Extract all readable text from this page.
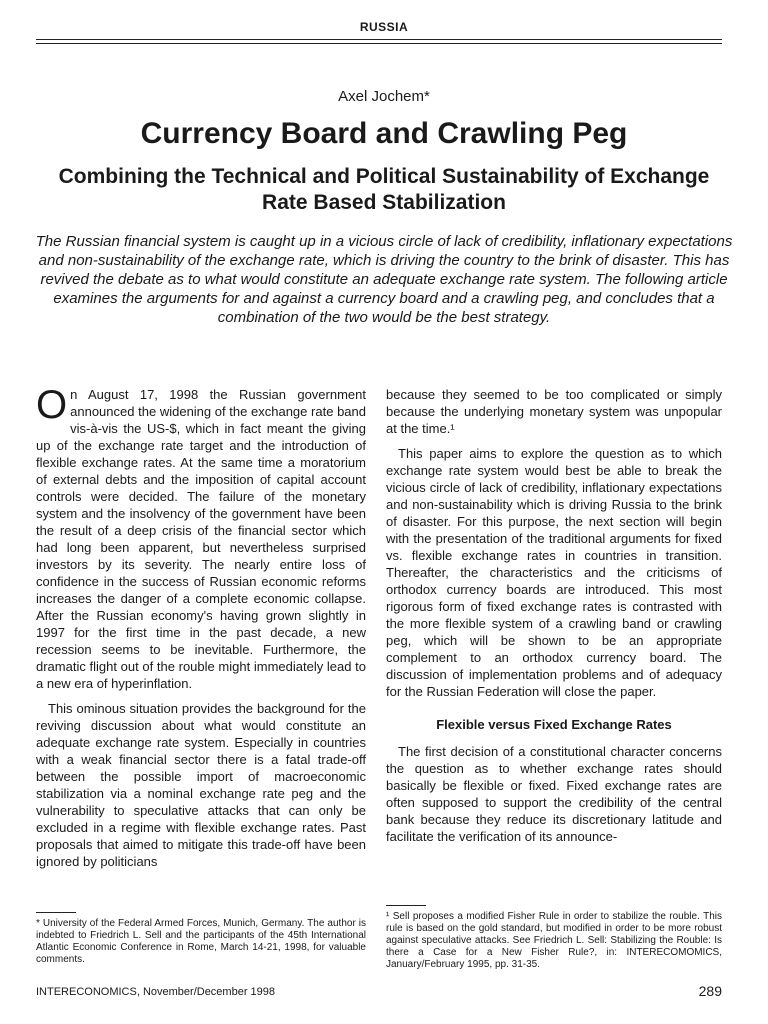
RUSSIA
Axel Jochem*
Currency Board and Crawling Peg
Combining the Technical and Political Sustainability of Exchange Rate Based Stabilization

The Russian financial system is caught up in a vicious circle of lack of credibility, inflationary expectations and non-sustainability of the exchange rate, which is driving the country to the brink of disaster. This has revived the debate as to what would constitute an adequate exchange rate system. The following article examines the arguments for and against a currency board and a crawling peg, and concludes that a combination of the two would be the best strategy.

On August 17, 1998 the Russian government announced the widening of the exchange rate band vis-à-vis the US-$, which in fact meant the giving up of the exchange rate target and the introduction of flexible exchange rates. At the same time a moratorium of external debts and the imposition of capital account controls were decided. The failure of the monetary system and the insolvency of the government have been the result of a deep crisis of the financial sector which had long been apparent, but nevertheless surprised investors by its severity. The nearly entire loss of confidence in the success of Russian economic reforms increases the danger of a complete economic collapse. After the Russian economy's having grown slightly in 1997 for the first time in the past decade, a new recession seems to be inevitable. Furthermore, the dramatic flight out of the rouble might immediately lead to a new era of hyperinflation.

This ominous situation provides the background for the reviving discussion about what would constitute an adequate exchange rate system. Especially in countries with a weak financial sector there is a fatal trade-off between the possible import of macroeconomic stabilization via a nominal exchange rate peg and the vulnerability to speculative attacks that can only be excluded in a regime with flexible exchange rates. Past proposals that aimed to mitigate this trade-off have been ignored by politicians

because they seemed to be too complicated or simply because the underlying monetary system was unpopular at the time.¹

This paper aims to explore the question as to which exchange rate system would best be able to break the vicious circle of lack of credibility, inflationary expectations and non-sustainability which is driving Russia to the brink of disaster. For this purpose, the next section will begin with the presentation of the traditional arguments for fixed vs. flexible exchange rates in countries in transition. Thereafter, the characteristics and the criticisms of orthodox currency boards are introduced. This most rigorous form of fixed exchange rates is contrasted with the more flexible system of a crawling band or crawling peg, which will be shown to be an appropriate complement to an orthodox currency board. The discussion of implementation problems and of adequacy for the Russian Federation will close the paper.

Flexible versus Fixed Exchange Rates

The first decision of a constitutional character concerns the question as to whether exchange rates should basically be flexible or fixed. Fixed exchange rates are often supposed to support the credibility of the central bank because they reduce its discretionary latitude and facilitate the verification of its announce-

* University of the Federal Armed Forces, Munich, Germany. The author is indebted to Friedrich L. Sell and the participants of the 45th International Atlantic Economic Conference in Rome, March 14-21, 1998, for valuable comments.

¹ Sell proposes a modified Fisher Rule in order to stabilize the rouble. This rule is based on the gold standard, but modified in order to be more robust against speculative attacks. See Friedrich L. Sell: Stabilizing the Rouble: Is there a Case for a New Fisher Rule?, in: INTERECOMOMICS, January/February 1995, pp. 31-35.

INTERECONOMICS, November/December 1998	289
